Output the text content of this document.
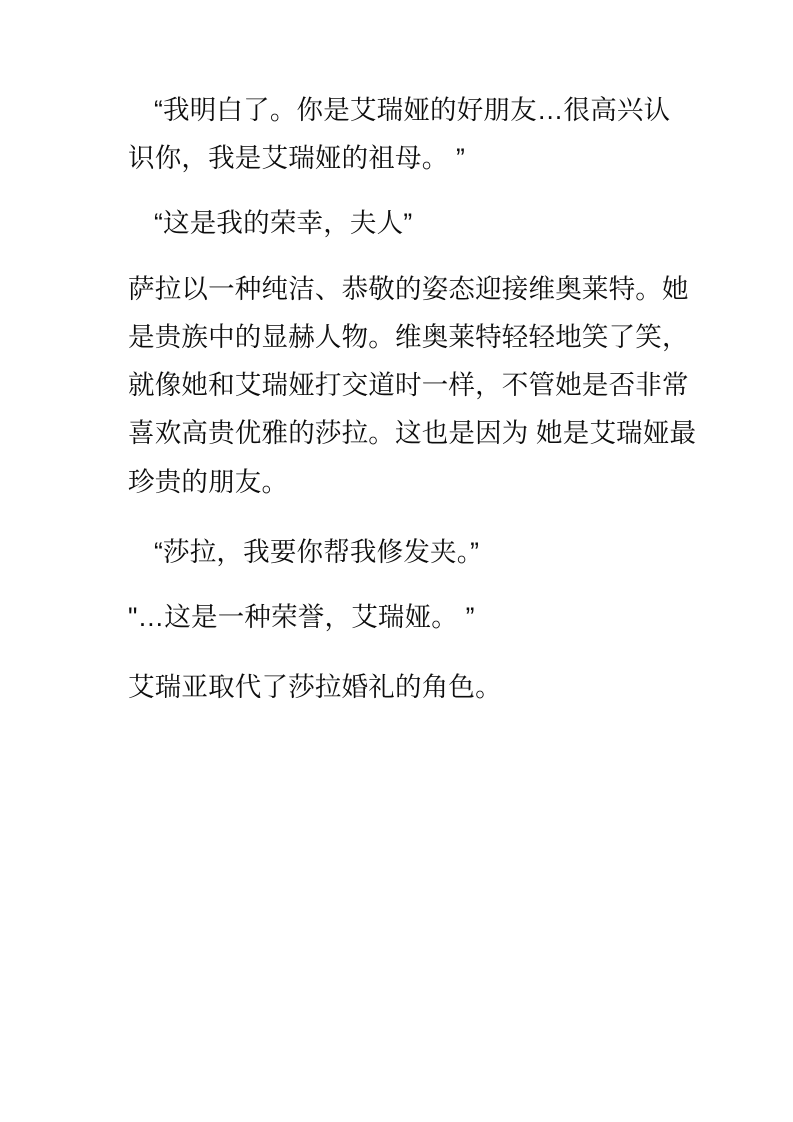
“我明白了。你是艾瑞娅的好朋友…很高兴认识你，我是艾瑞娅的祖母。 ”

“这是我的荣幸，夫人”

萨拉以一种纯洁、恭敬的姿态迎接维奥莱特。她是贵族中的显赫人物。维奥莱特轻轻地笑了笑，就像她和艾瑞娅打交道时一样，不管她是否非常喜欢高贵优雅的莎拉。这也是因为 她是艾瑞娅最珍贵的朋友。

“莎拉，我要你帮我修发夹。”

"…这是一种荣誉，艾瑞娅。 ”

艾瑞亚取代了莎拉婚礼的角色。
